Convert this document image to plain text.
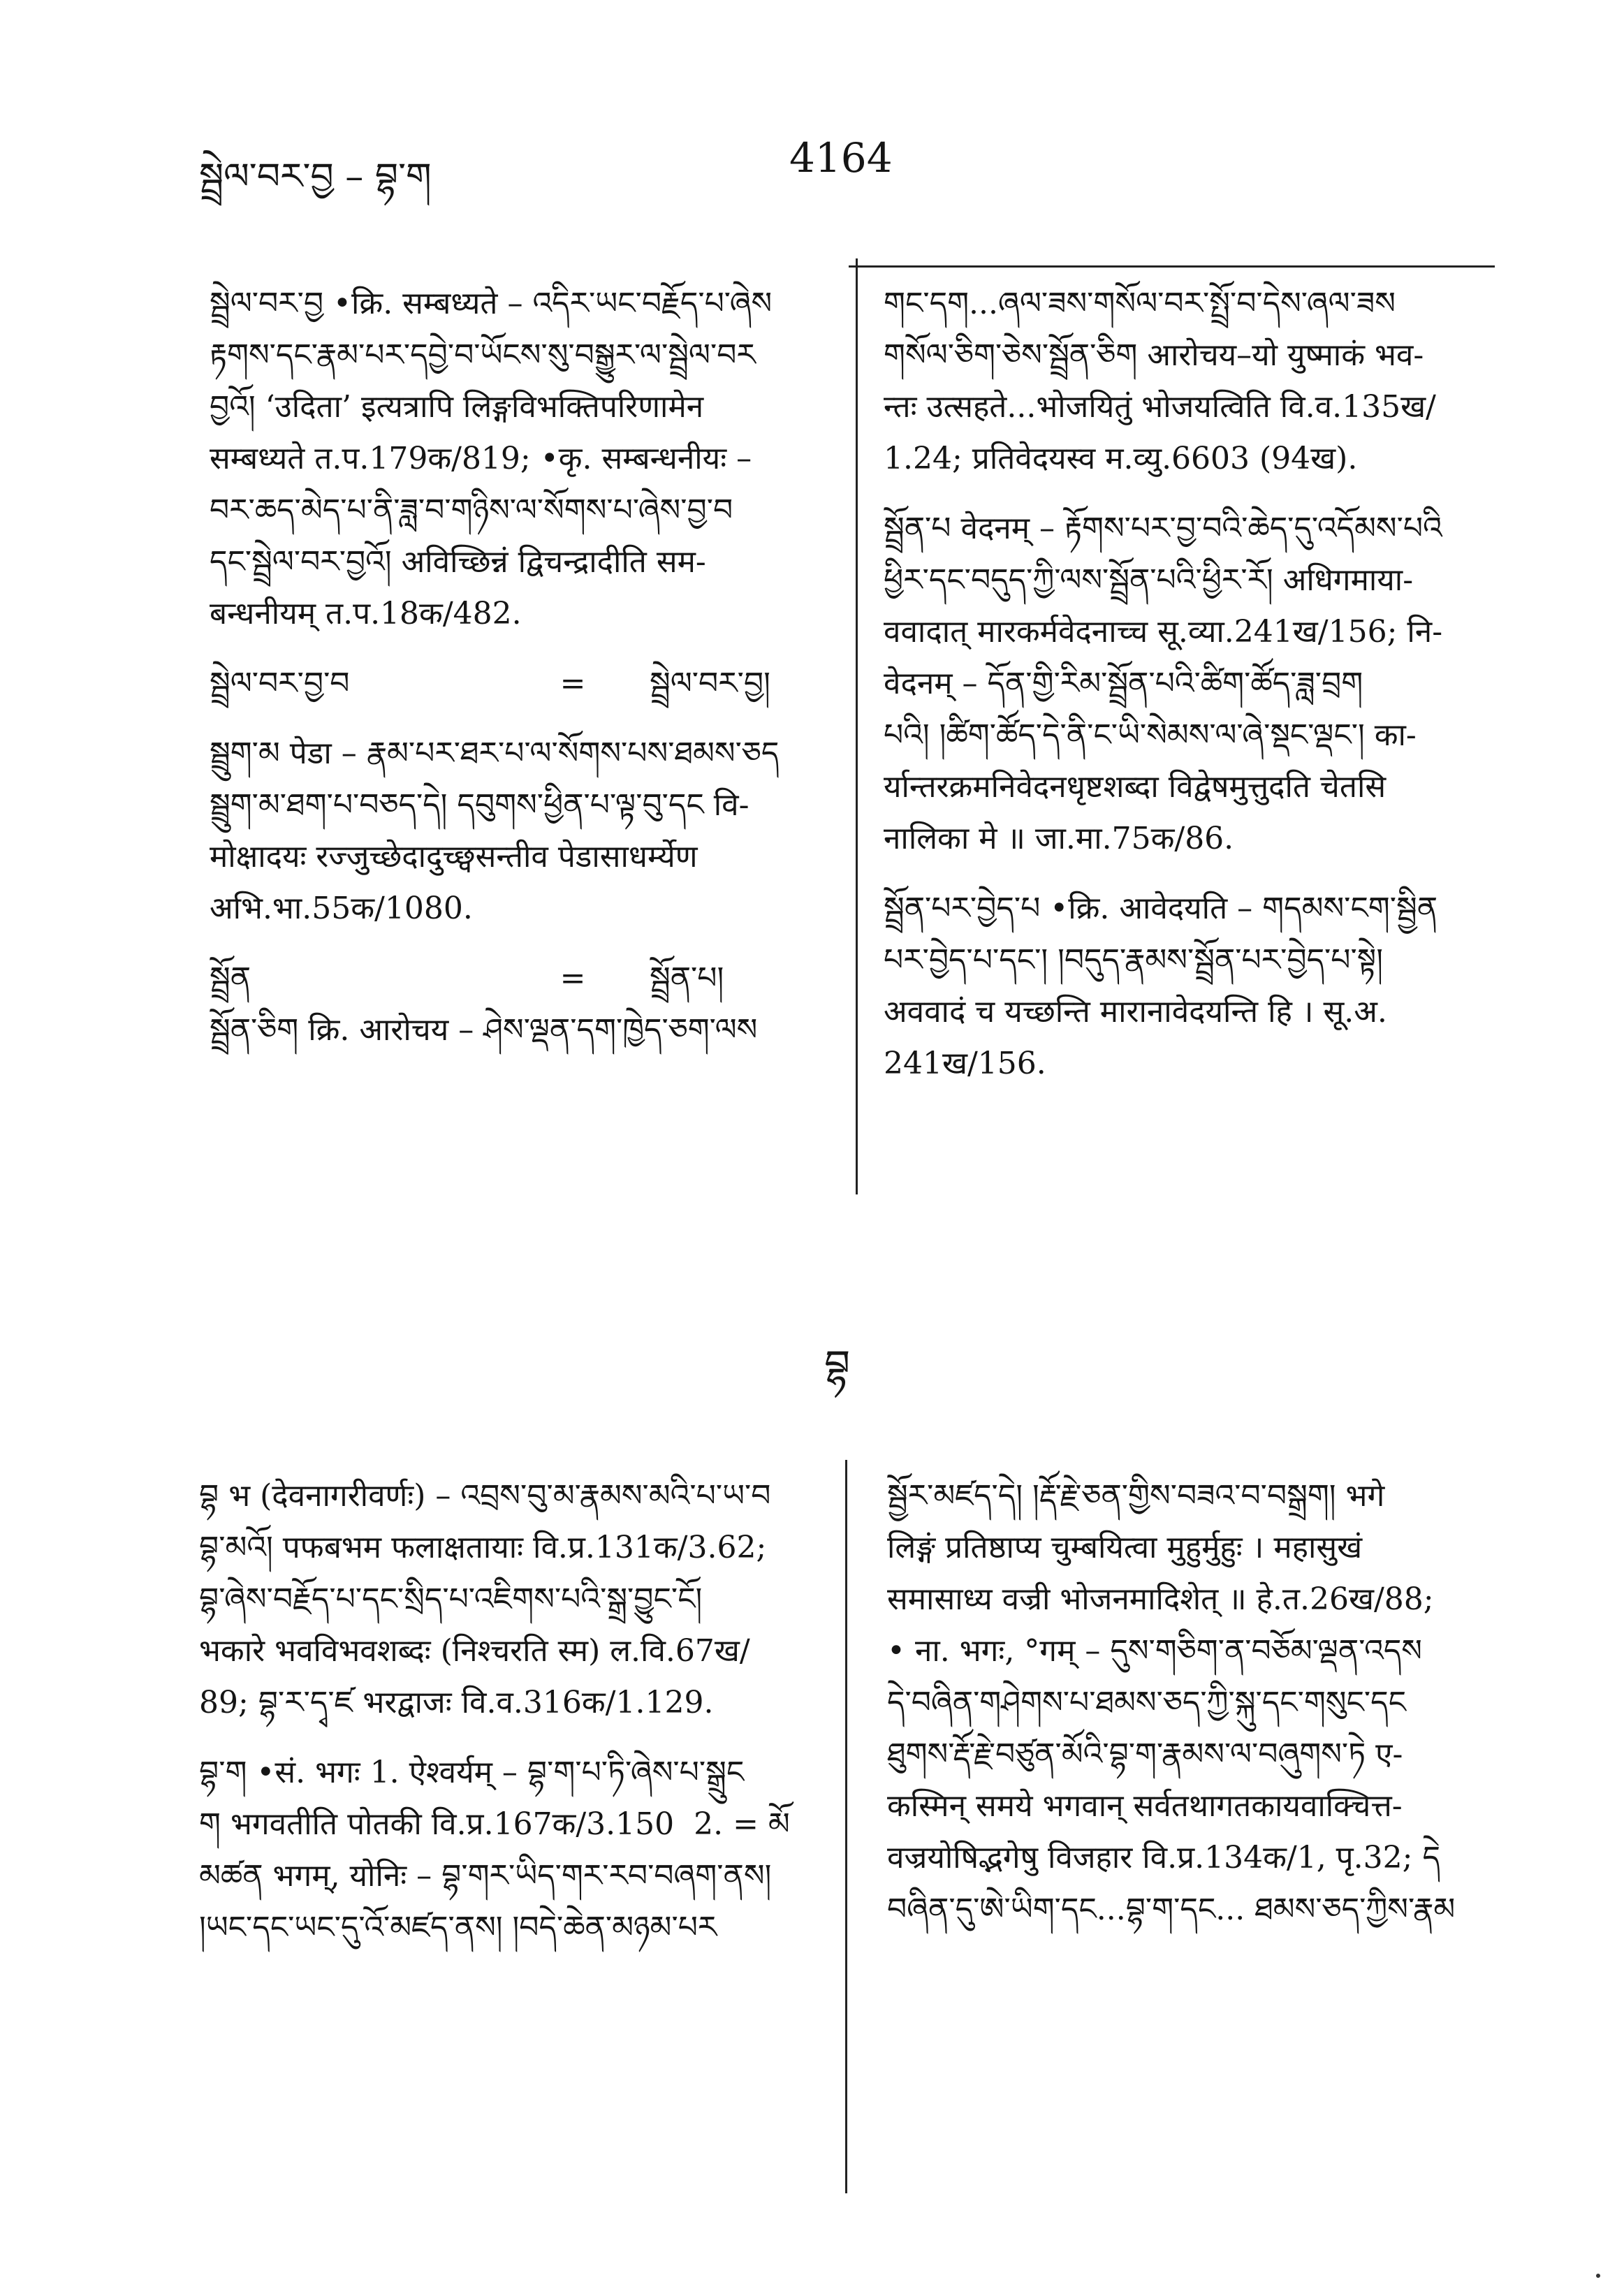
སྦྲེལ་བར་བྱ – བྷ་ག	4164
བྷ

སྦྲེལ་བར་བྱ •क्रि. सम्बध्यते – འདིར་ཡང་བརྗོད་པ་ཞེས

རྟགས་དང་རྣམ་པར་དབྱེ་བ་ཡོངས་སུ་བསྒྱུར་ལ་སྦྲེལ་བར

བྱའོ། ‘उदिता’ इत्यत्रापि लिङ्गविभक्तिपरिणामेन

सम्बध्यते त.प.179क/819; •कृ. सम्बन्धनीयः –

བར་ཆད་མེད་པ་ནི་ཟླ་བ་གཉིས་ལ་སོགས་པ་ཞེས་བྱ་བ

དང་སྦྲེལ་བར་བྱའོ། अविच्छिन्नं द्विचन्द्रादीति सम-

बन्धनीयम् त.प.18क/482.

སྦྲེལ་བར་བྱ་བ	=	སྦྲེལ་བར་བྱ།

སྦྲུག་མ पेडा – རྣམ་པར་ཐར་པ་ལ་སོགས་པས་ཐམས་ཅད

སྦྲུག་མ་ཐག་པ་བཅད་དེ། དབུགས་ཕྱིན་པ་ལྟ་བུ་དང वि-

मोक्षादयः रज्जुच्छेदादुच्छ्वसन्तीव पेडासाधर्म्येण

अभि.भा.55क/1080.

སྦྲོན	=	སྦྲོན་པ།

སྦྲོན་ཅིག क्रि. आरोचय – ཤེས་ལྡན་དག་ཁྱེད་ཅག་ལས

གང་དག...ཞལ་ཟས་གསོལ་བར་སྤྲོ་བ་དེས་ཞལ་ཟས

གསོལ་ཅིག་ཅེས་སྦྲོན་ཅིག आरोचय–यो युष्माकं भव-

न्तः उत्सहते...भोजयितुं भोजयत्विति वि.व.135ख/

1.24; प्रतिवेदयस्व म.व्यु.6603 (94ख).

སྦྲོན་པ वेदनम् – རྟོགས་པར་བྱ་བའི་ཆེད་དུ་འདོམས་པའི

ཕྱིར་དང་བདུད་ཀྱི་ལས་སྦྲོན་པའི་ཕྱིར་རོ། अधिगमाया-

ववादात् मारकर्मवेदनाच्च सू.व्या.241ख/156; नि-

वेदनम् – དོན་གྱི་རིམ་སྦྲོན་པའི་ཚིག་ཚོད་ཟླ་བྲག

པའི། །ཚིག་ཚོད་དེ་ནི་ང་ཡི་སེམས་ལ་ཞེ་སྡང་ལྡང་། का-

र्यान्तरक्रमनिवेदनधृष्टशब्दा विद्वेषमुत्तुदति चेतसि

नालिका मे ॥ जा.मा.75क/86.

སྦྲོན་པར་བྱེད་པ •क्रि. आवेदयति – གདམས་ངག་སྦྱིན

པར་བྱེད་པ་དང་། །བདུད་རྣམས་སྦྲོན་པར་བྱེད་པ་སྟེ།

अववादं च यच्छन्ति मारानावेदयन्ति हि । सू.अ.

241ख/156.

བྷ भ (देवनागरीवर्णः) – འབྲས་བུ་མ་རྣམས་མའི་པ་ཡ་བ

བྷ་མའོ། पफबभम फलाक्षतायाः वि.प्र.131क/3.62;

བྷ་ཞེས་བརྗོད་པ་དང་སྲིད་པ་འཇིགས་པའི་སྒྲ་བྱུང་ངོ།

भकारे भवविभवशब्दः (निश्चरति स्म) ल.वि.67ख/

89; བྷ་ར་དྭ་ཛ भरद्वाजः वि.व.316क/1.129.

བྷ་ག •सं. भगः 1. ऐश्वर्यम् – བྷ་ག་པ་ཏི་ཞེས་པ་སྒྲུང

ག भगवतीति पोतकी वि.प्र.167क/3.150  2. = མོ

མཚན भगम्, योनिः – བྷ་གར་ཡིད་གར་རབ་བཞག་ནས།

།ཡང་དང་ཡང་དུ་འོ་མཛད་ནས། །བདེ་ཆེན་མཉམ་པར

སྦྱོར་མཛད་དེ། །རྡོ་རྗེ་ཅན་གྱིས་བཟའ་བ་བསྒྲག། भगे

लिङ्गं प्रतिष्ठाप्य चुम्बयित्वा मुहुर्मुहुः । महासुखं

समासाध्य वज्री भोजनमादिशेत् ॥ हे.त.26ख/88;

• ना. भगः, °गम् – དུས་གཅིག་ན་བཅོམ་ལྡན་འདས

དེ་བཞིན་གཤེགས་པ་ཐམས་ཅད་ཀྱི་སྐུ་དང་གསུང་དང

ཐུགས་རྡོ་རྗེ་བཙུན་མོའི་བྷ་ག་རྣམས་ལ་བཞུགས་ཏེ ए-

कस्मिन् समये भगवान् सर्वतथागतकायवाक्चित्त-

वज्रयोषिद्भगेषु विजहार वि.प्र.134क/1, पृ.32; དེ

བཞིན་དུ་ཨེ་ཡིག་དང...བྷ་ག་དང... ཐམས་ཅད་ཀྱིས་རྣམ
